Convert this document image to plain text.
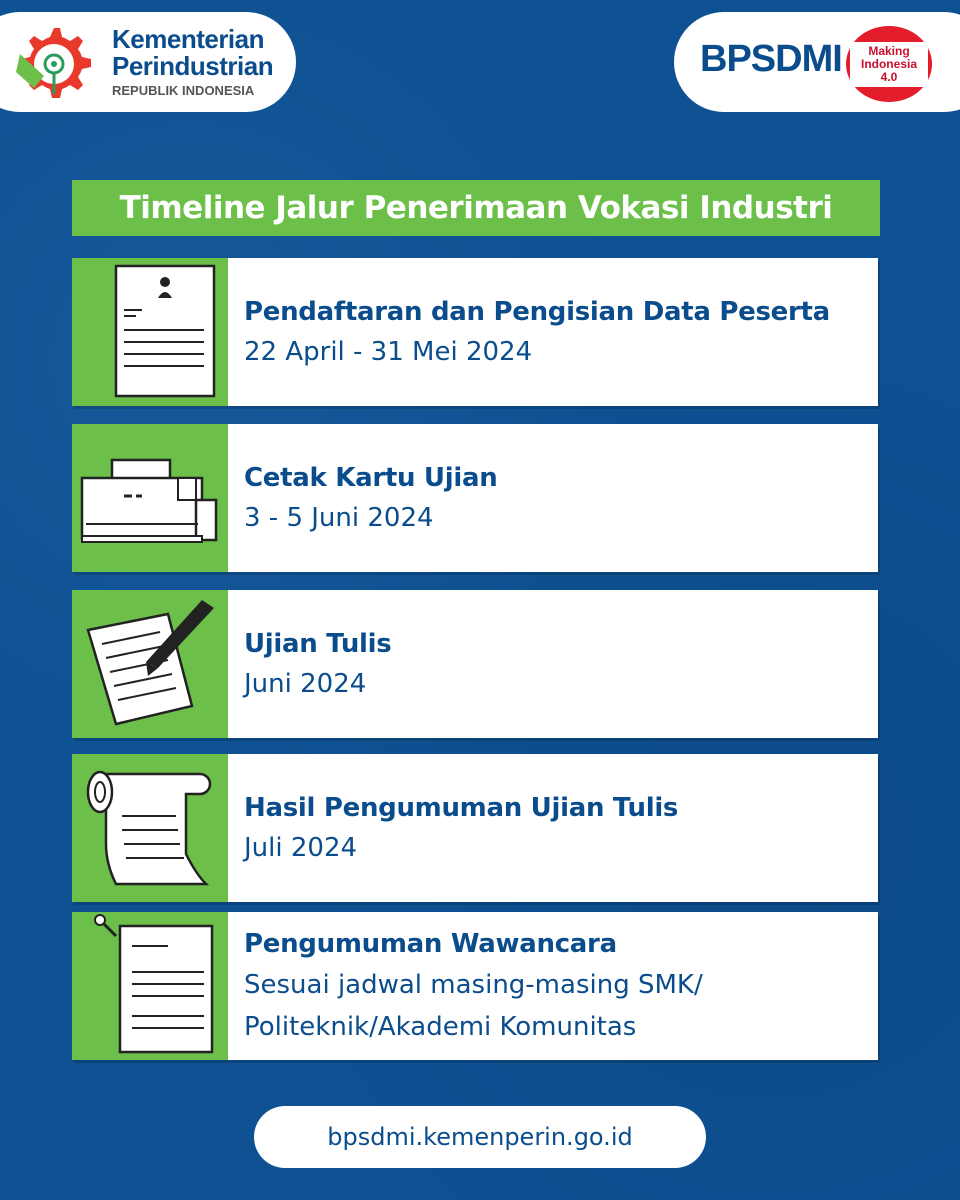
Kementerian
Perindustrian
REPUBLIK INDONESIA
BPSDMI	Making
Indonesia
4.0
Timeline Jalur Penerimaan Vokasi Industri
Pendaftaran dan Pengisian Data Peserta
22 April - 31 Mei 2024
Cetak Kartu Ujian
3 - 5 Juni 2024
Ujian Tulis
Juni 2024
Hasil Pengumuman Ujian Tulis
Juli 2024
Pengumuman Wawancara
Sesuai jadwal masing-masing SMK/ Politeknik/Akademi Komunitas
bpsdmi.kemenperin.go.id
